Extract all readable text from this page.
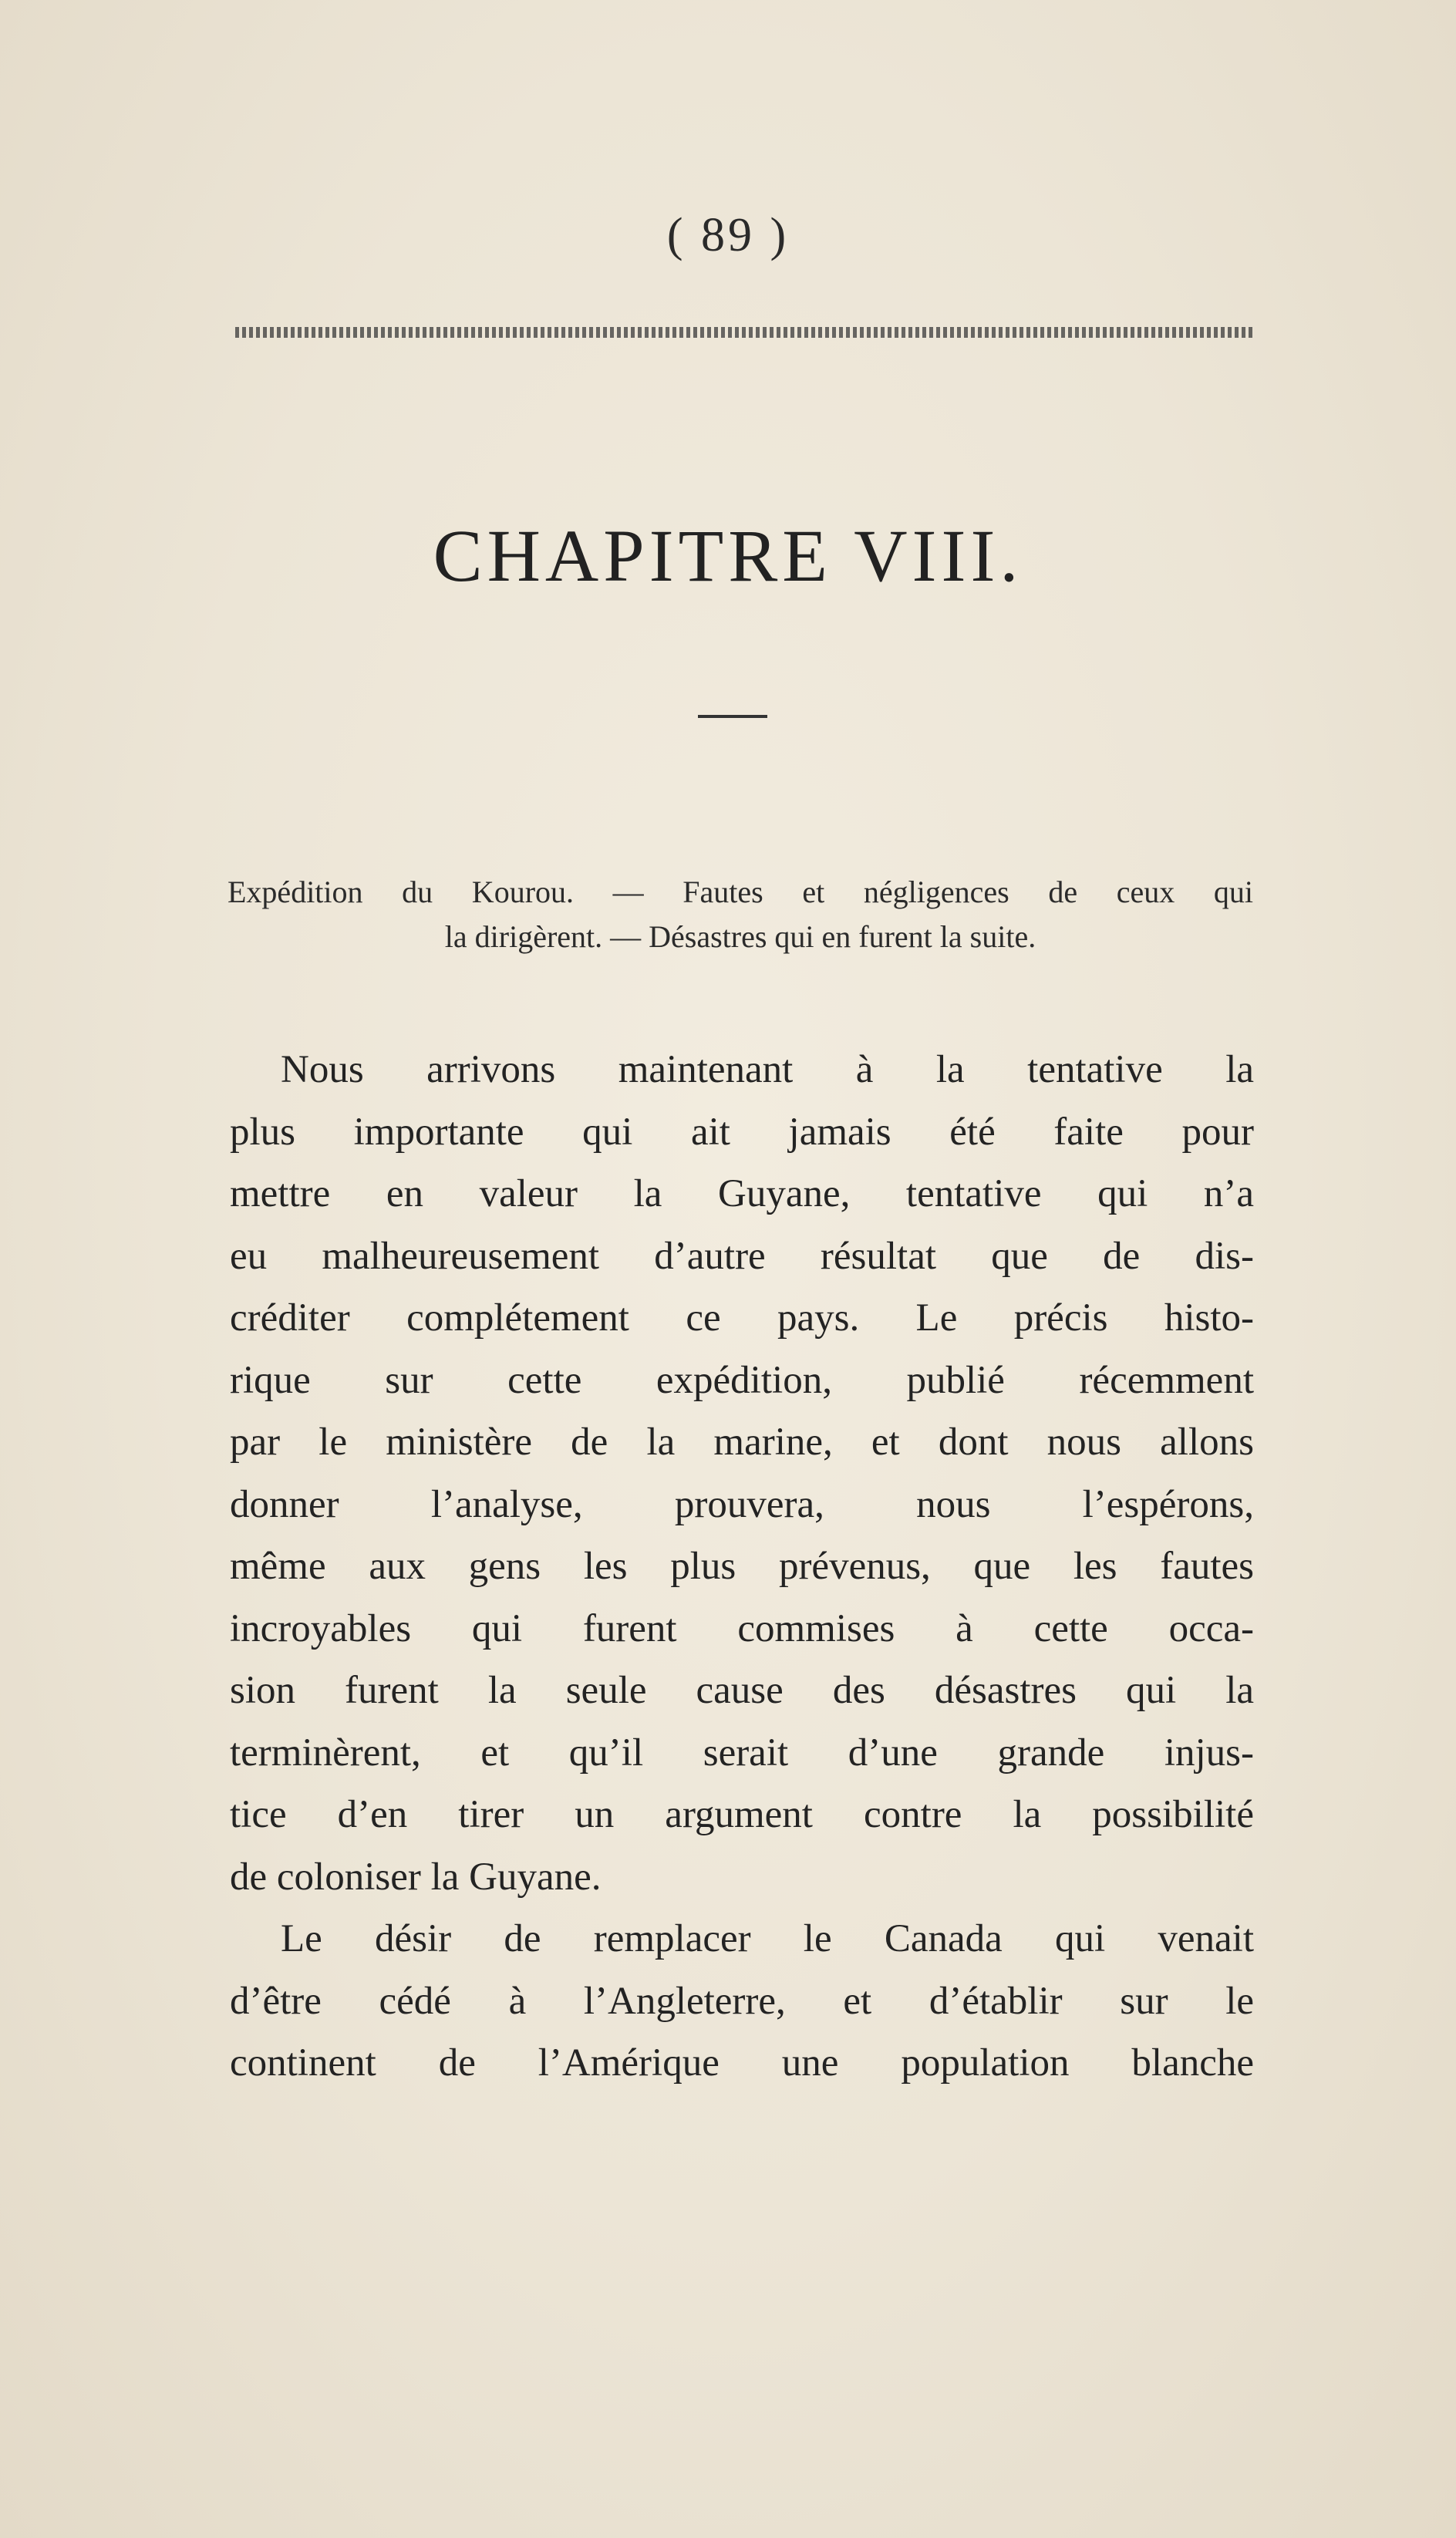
( 89 )
CHAPITRE VIII.
Expédition du Kourou. — Fautes et négligences de ceux qui
la dirigèrent. — Désastres qui en furent la suite.
Nous arrivons maintenant à la tentative la
plus importante qui ait jamais été faite pour
mettre en valeur la Guyane, tentative qui n’a
eu malheureusement d’autre résultat que de dis-
créditer complétement ce pays. Le précis histo-
rique sur cette expédition, publié récemment
par le ministère de la marine, et dont nous allons
donner l’analyse, prouvera, nous l’espérons,
même aux gens les plus prévenus, que les fautes
incroyables qui furent commises à cette occa-
sion furent la seule cause des désastres qui la
terminèrent, et qu’il serait d’une grande injus-
tice d’en tirer un argument contre la possibilité
de coloniser la Guyane.
Le désir de remplacer le Canada qui venait
d’être cédé à l’Angleterre, et d’établir sur le
continent de l’Amérique une population blanche
